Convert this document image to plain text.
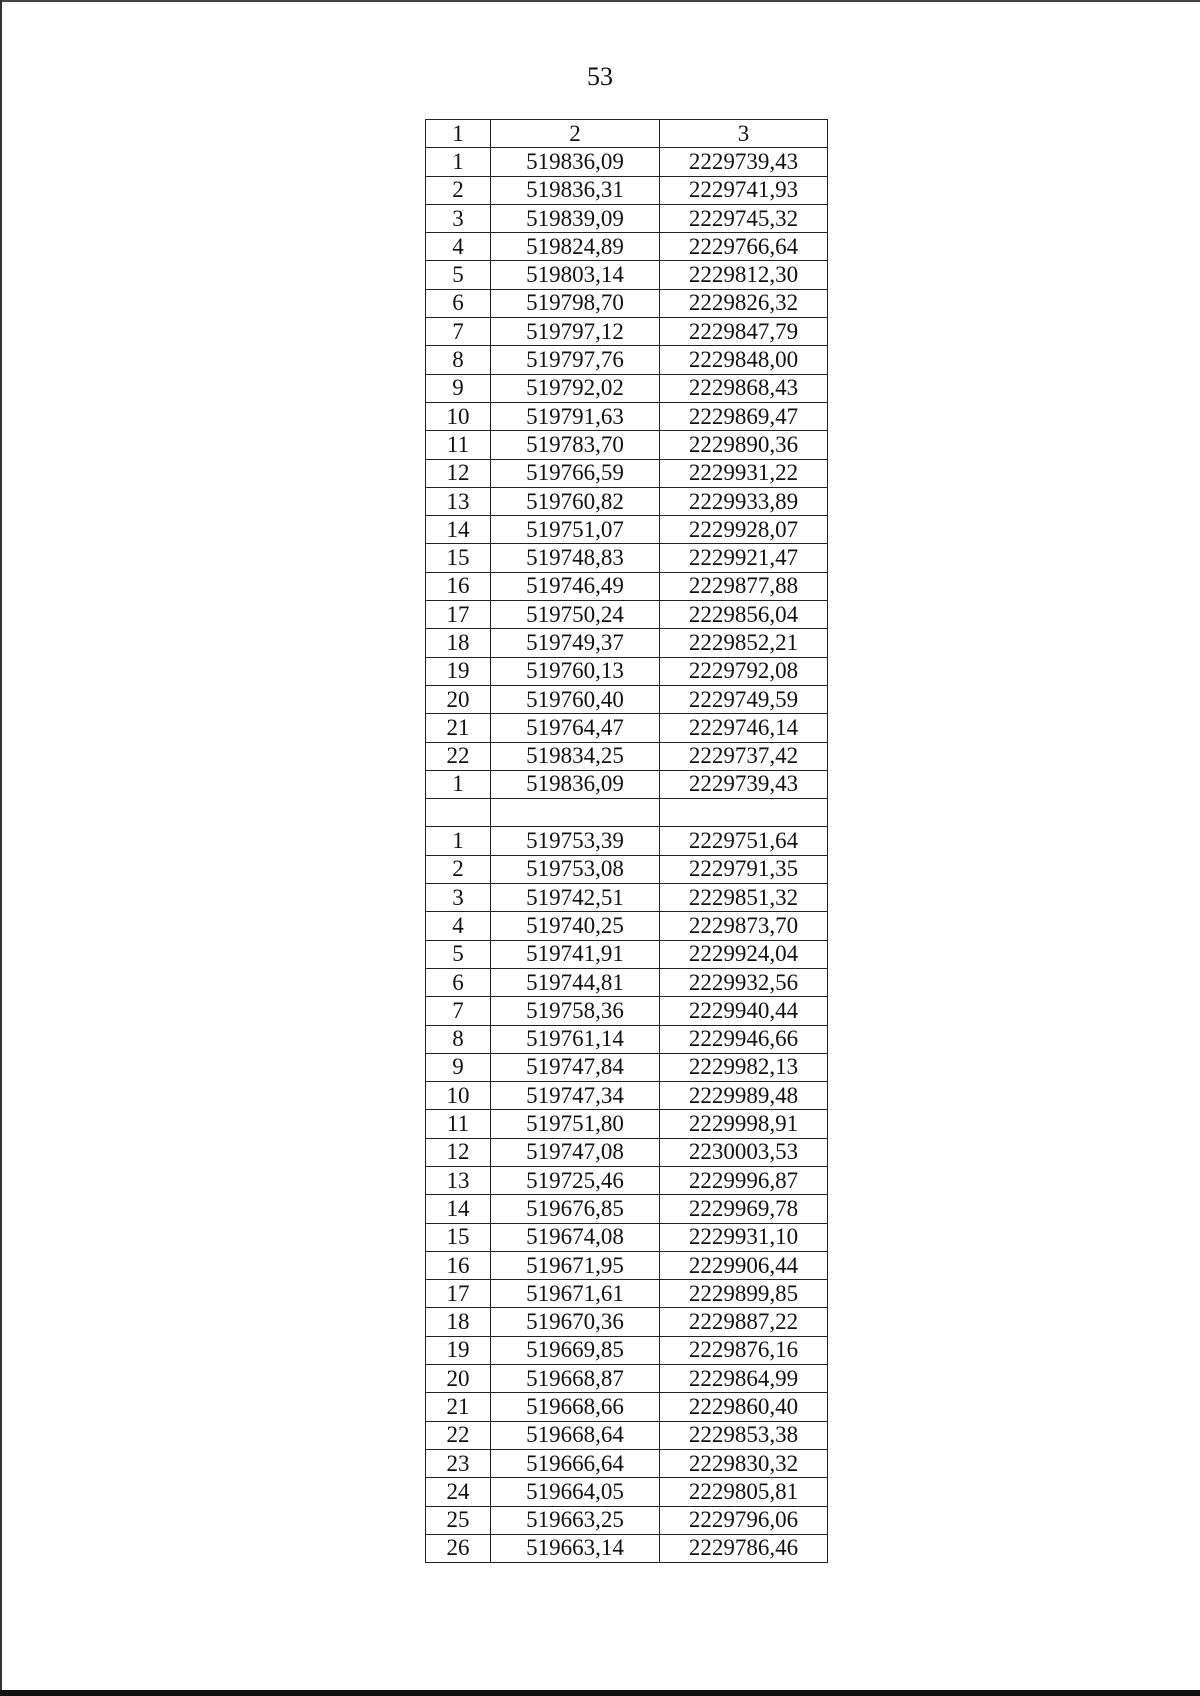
53
1	2	3
1	519836,09	2229739,43
2	519836,31	2229741,93
3	519839,09	2229745,32
4	519824,89	2229766,64
5	519803,14	2229812,30
6	519798,70	2229826,32
7	519797,12	2229847,79
8	519797,76	2229848,00
9	519792,02	2229868,43
10	519791,63	2229869,47
11	519783,70	2229890,36
12	519766,59	2229931,22
13	519760,82	2229933,89
14	519751,07	2229928,07
15	519748,83	2229921,47
16	519746,49	2229877,88
17	519750,24	2229856,04
18	519749,37	2229852,21
19	519760,13	2229792,08
20	519760,40	2229749,59
21	519764,47	2229746,14
22	519834,25	2229737,42
1	519836,09	2229739,43

1	519753,39	2229751,64
2	519753,08	2229791,35
3	519742,51	2229851,32
4	519740,25	2229873,70
5	519741,91	2229924,04
6	519744,81	2229932,56
7	519758,36	2229940,44
8	519761,14	2229946,66
9	519747,84	2229982,13
10	519747,34	2229989,48
11	519751,80	2229998,91
12	519747,08	2230003,53
13	519725,46	2229996,87
14	519676,85	2229969,78
15	519674,08	2229931,10
16	519671,95	2229906,44
17	519671,61	2229899,85
18	519670,36	2229887,22
19	519669,85	2229876,16
20	519668,87	2229864,99
21	519668,66	2229860,40
22	519668,64	2229853,38
23	519666,64	2229830,32
24	519664,05	2229805,81
25	519663,25	2229796,06
26	519663,14	2229786,46
